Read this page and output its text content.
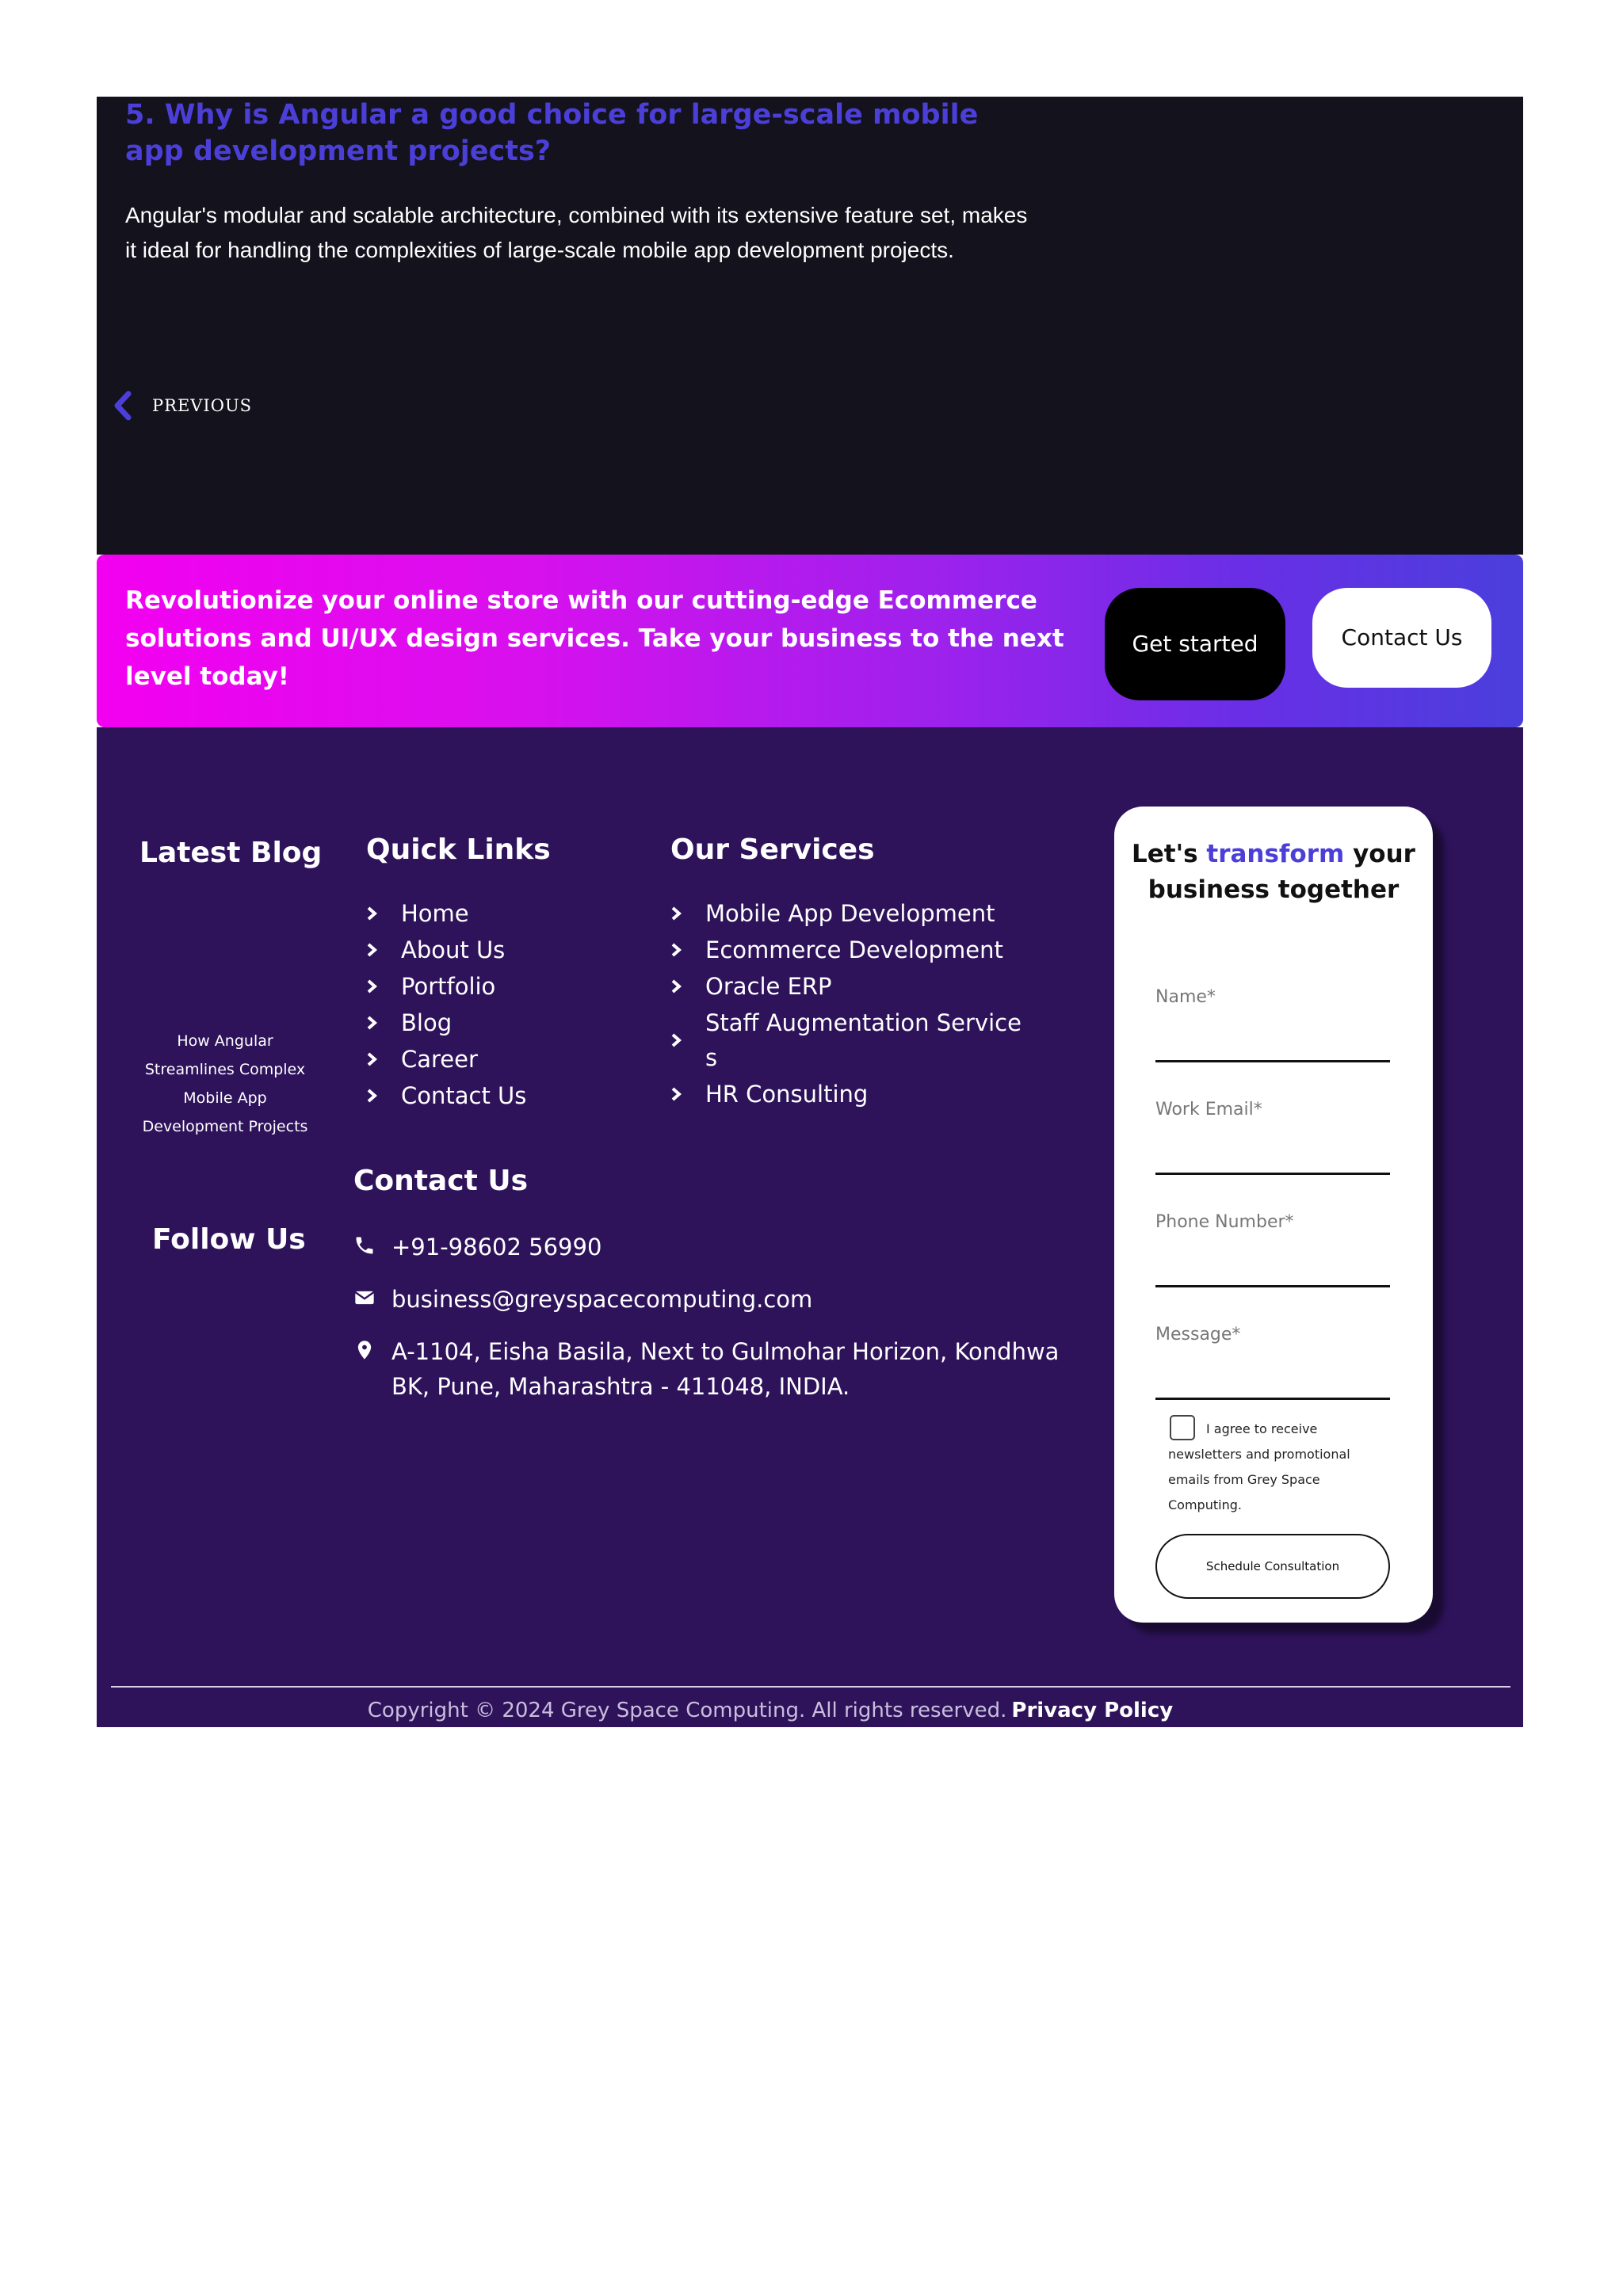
5. Why is Angular a good choice for large-scale mobile app development projects?

Angular's modular and scalable architecture, combined with its extensive feature set, makes it ideal for handling the complexities of large-scale mobile app development projects.

PREVIOUS

Revolutionize your online store with our cutting-edge Ecommerce solutions and UI/UX design services. Take your business to the next level today!

Get started	Contact Us
Latest Blog
How Angular Streamlines Complex Mobile App Development Projects
Follow Us
Quick Links
Home
About Us
Portfolio
Blog
Career
Contact Us
Our Services
Mobile App Development
Ecommerce Development
Oracle ERP
Staff Augmentation Services
HR Consulting
Contact Us
+91-98602 56990
business@greyspacecomputing.com
A-1104, Eisha Basila, Next to Gulmohar Horizon, Kondhwa BK, Pune, Maharashtra - 411048, INDIA.
Let's transform your business together
Name*
Work Email*
Phone Number*
Message*

I agree to receive newsletters and promotional emails from Grey Space Computing.

Schedule Consultation
Copyright © 2024 Grey Space Computing. All rights reserved. Privacy Policy
